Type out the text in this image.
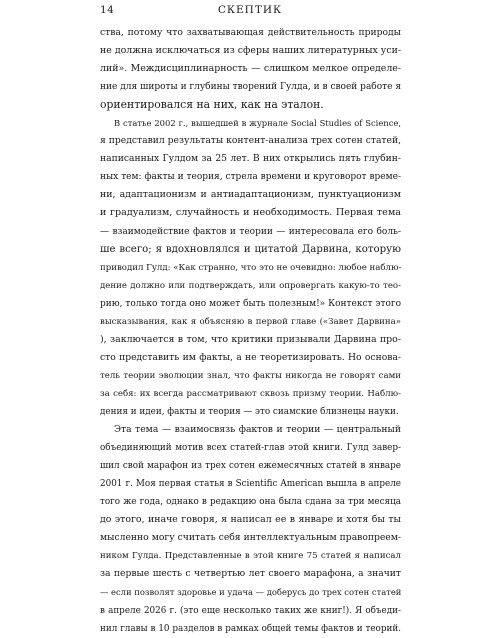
14	СКЕПТИК
ства, потому что захватывающая действительность природы
не должна исключаться из сферы наших литературных уси-
лий». Междисциплинарность — слишком мелкое определе-
ние для широты и глубины творений Гулда, и в своей работе я
ориентировался на них, как на эталон.
В статье 2002 г., вышедшей в журнале Social Studies of Science,
я представил результаты контент-анализа трех сотен статей,
написанных Гулдом за 25 лет. В них открылись пять глубин-
ных тем: факты и теория, стрела времени и круговорот време-
ни, адаптационизм и антиадаптационизм, пунктуационизм
и градуализм, случайность и необходимость. Первая тема
— взаимодействие фактов и теории — интересовала его боль-
ше всего; я вдохновлялся и цитатой Дарвина, которую
приводил Гулд: «Как странно, что это не очевидно: любое наблю-
дение должно или подтверждать, или опровергать какую-то тео-
рию, только тогда оно может быть полезным!» Контекст этого
высказывания, как я объясняю в первой главе («Завет Дарвина»
), заключается в том, что критики призывали Дарвина про-
сто представить им факты, а не теоретизировать. Но основа-
тель теории эволюции знал, что факты никогда не говорят сами
за себя: их всегда рассматривают сквозь призму теории. Наблю-
дения и идеи, факты и теория — это сиамские близнецы науки.
Эта тема — взаимосвязь фактов и теории — центральный
объединяющий мотив всех статей-глав этой книги. Гулд завер-
шил свой марафон из трех сотен ежемесячных статей в январе
2001 г. Моя первая статья в Scientific American вышла в апреле
того же года, однако в редакцию она была сдана за три месяца
до этого, иначе говоря, я написал ее в январе и хотя бы ты
мысленно могу считать себя интеллектуальным правопреем-
ником Гулда. Представленные в этой книге 75 статей я написал
за первые шесть с четвертью лет своего марафона, а значит
— если позволят здоровье и удача — доберусь до трех сотен статей
в апреле 2026 г. (это еще несколько таких же книг!). Я объеди-
нил главы в 10 разделов в рамках общей темы фактов и теорий.
